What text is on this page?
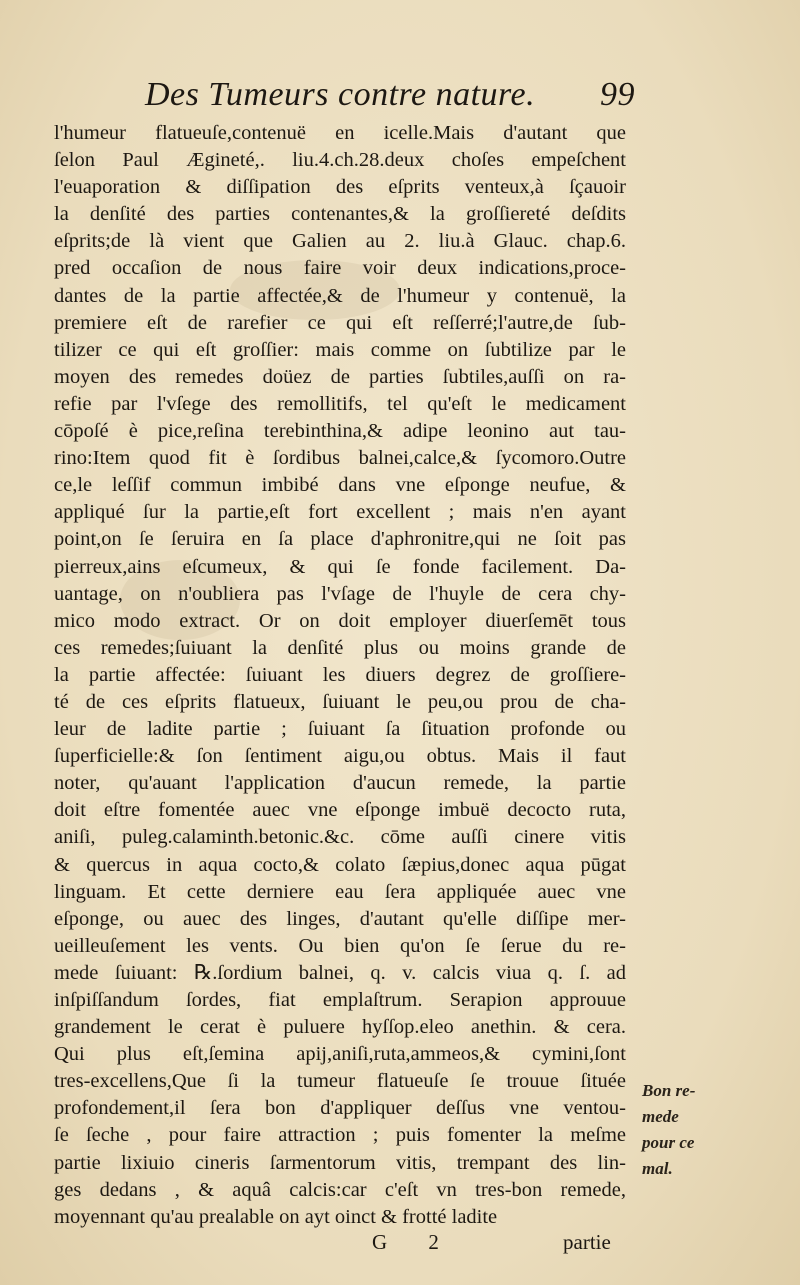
Des Tumeurs contre nature. 99
l'humeur flatueuſe,contenuë en icelle.Mais d'autant que
ſelon Paul Ægineté,. liu.4.ch.28.deux choſes empeſchent
l'euaporation & diſſipation des eſprits venteux,à ſçauoir
la denſité des parties contenantes,& la groſſiereté deſdits
eſprits;de là vient que Galien au 2. liu.à Glauc. chap.6.
pred occaſion de nous faire voir deux indications,proce-
dantes de la partie affectée,& de l'humeur y contenuë, la
premiere eſt de rarefier ce qui eſt reſſerré;l'autre,de ſub-
tilizer ce qui eſt groſſier: mais comme on ſubtilize par le
moyen des remedes doüez de parties ſubtiles,auſſi on ra-
refie par l'vſege des remollitifs, tel qu'eſt le medicament
cōpoſé è pice,reſina terebinthina,& adipe leonino aut tau-
rino:Item quod fit è ſordibus balnei,calce,& ſycomoro.Outre
ce,le leſſif commun imbibé dans vne eſponge neufue, &
appliqué ſur la partie,eſt fort excellent ; mais n'en ayant
point,on ſe ſeruira en ſa place d'aphronitre,qui ne ſoit pas
pierreux,ains eſcumeux, & qui ſe fonde facilement. Da-
uantage, on n'oubliera pas l'vſage de l'huyle de cera chy-
mico modo extract. Or on doit employer diuerſemēt tous
ces remedes;ſuiuant la denſité plus ou moins grande de
la partie affectée: ſuiuant les diuers degrez de groſſiere-
té de ces eſprits flatueux, ſuiuant le peu,ou prou de cha-
leur de ladite partie ; ſuiuant ſa ſituation profonde ou
ſuperficielle:& ſon ſentiment aigu,ou obtus. Mais il faut
noter, qu'auant l'application d'aucun remede, la partie
doit eſtre fomentée auec vne eſponge imbuë decocto ruta,
aniſi, puleg.calaminth.betonic.&c. cōme auſſi cinere vitis
& quercus in aqua cocto,& colato ſæpius,donec aqua pūgat
linguam. Et cette derniere eau ſera appliquée auec vne
eſponge, ou auec des linges, d'autant qu'elle diſſipe mer-
ueilleuſement les vents. Ou bien qu'on ſe ſerue du re-
mede ſuiuant: ℞.ſordium balnei, q. v. calcis viua q. ſ. ad
inſpiſſandum ſordes, fiat emplaſtrum. Serapion approuue
grandement le cerat è puluere hyſſop.eleo anethin. & cera.
Qui plus eſt,ſemina apij,aniſi,ruta,ammeos,& cymini,ſont
tres-excellens,Que ſi la tumeur flatueuſe ſe trouue ſituée
profondement,il ſera bon d'appliquer deſſus vne ventou-
ſe ſeche , pour faire attraction ; puis fomenter la meſme
partie lixiuio cineris ſarmentorum vitis, trempant des lin-
ges dedans , & aquâ calcis:car c'eſt vn tres-bon remede,
moyennant qu'au prealable on ayt oinct & frotté ladite
Bon re-
mede
pour ce
mal.
G 2	partie
